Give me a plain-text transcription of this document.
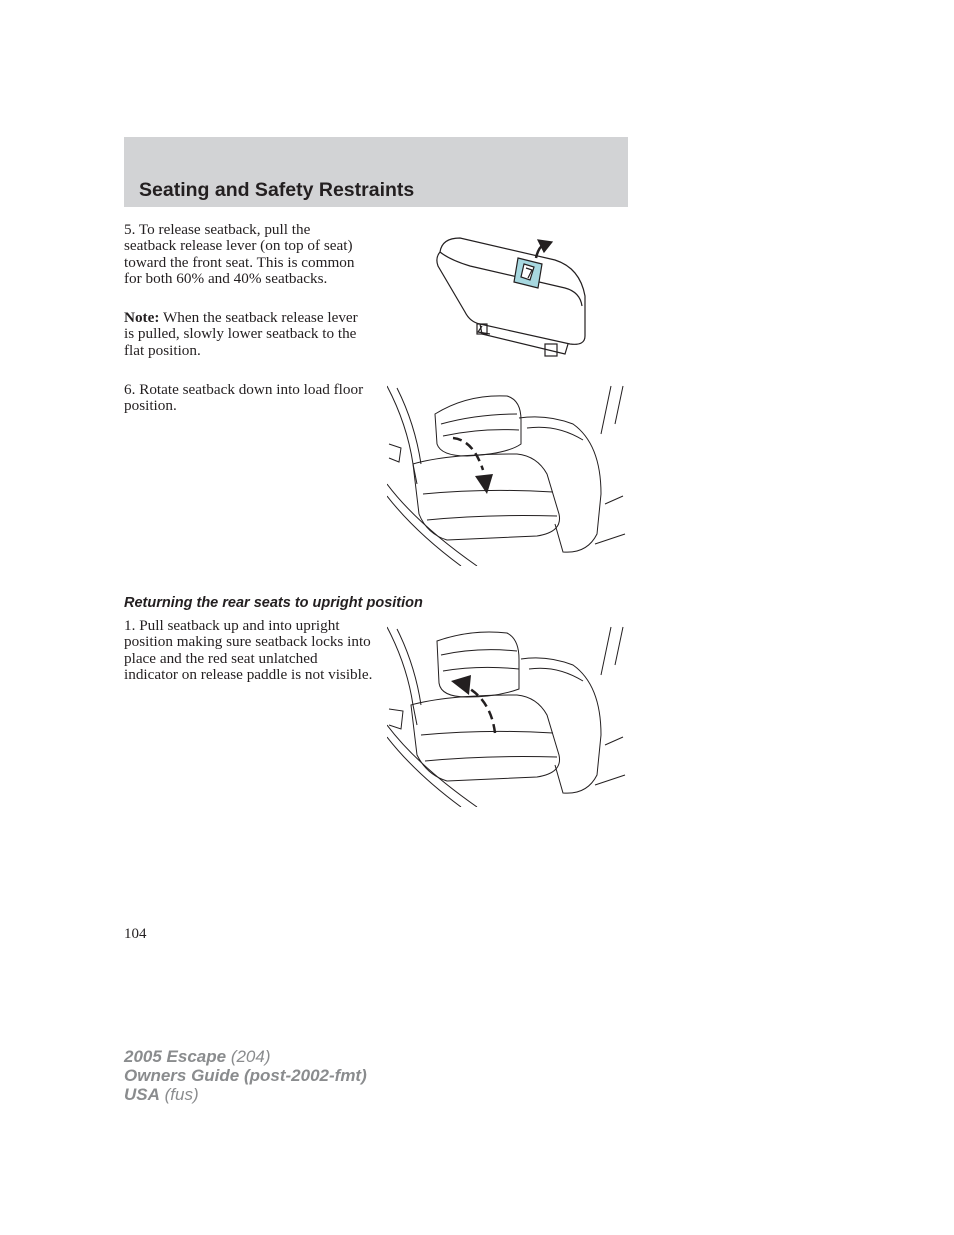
Seating and Safety Restraints

5. To release seatback, pull the seatback release lever (on top of seat) toward the front seat. This is common for both 60% and 40% seatbacks.

Note: When the seatback release lever is pulled, slowly lower seatback to the flat position.

6. Rotate seatback down into load floor position.

Returning the rear seats to upright position

1. Pull seatback up and into upright position making sure seatback locks into place and the red seat unlatched indicator on release paddle is not visible.

104
2005 Escape (204)
Owners Guide (post-2002-fmt)
USA (fus)
